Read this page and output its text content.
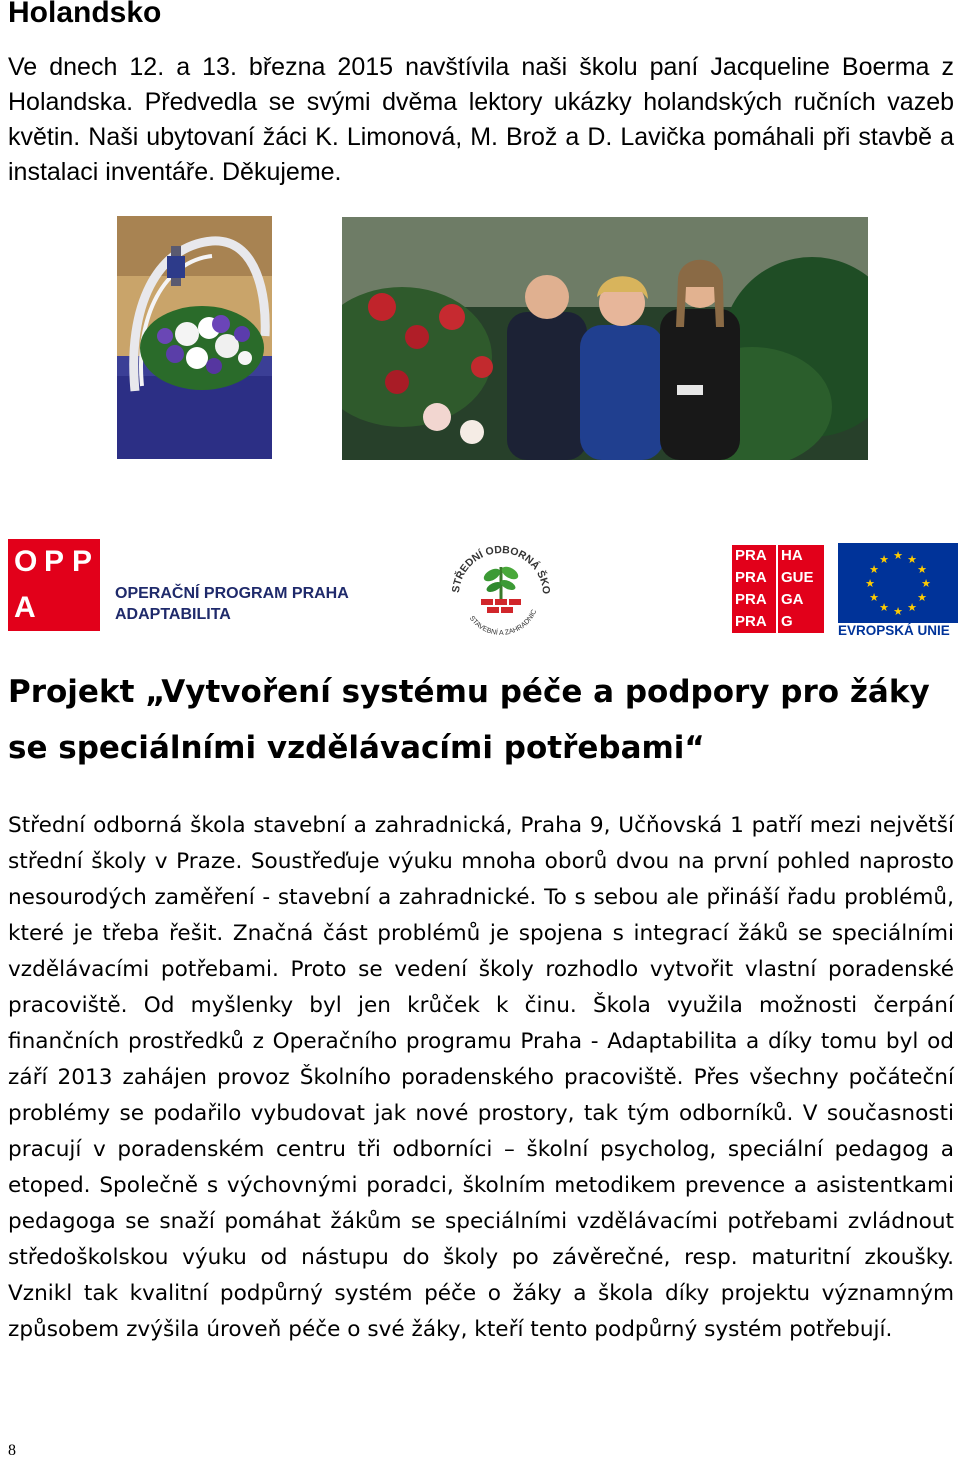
Holandsko

Ve dnech 12. a 13. března 2015 navštívila naši školu paní Jacqueline Boerma z Holandska. Předvedla se svými dvěma lektory ukázky holandských ručních vazeb květin. Naši ubytovaní žáci K. Limonová, M. Brož a D. Lavička pomáhali při stavbě a instalaci inventáře. Děkujeme.

O P P
A	OPERAČNÍ PROGRAM PRAHA
ADAPTABILITA
STŘEDNÍ ODBORNÁ ŠKO
STAVEBNÍ A ZAHRADNIC
PRA
PRA
PRA
PRA
HA
GUE
GA
G
★ ★
★
★
★
★
★
★
★
★
★
★
EVROPSKÁ UNIE
Projekt „Vytvoření systému péče a podpory pro žáky se speciálními vzdělávacími potřebami“

Střední odborná škola stavební a zahradnická, Praha 9, Učňovská 1 patří mezi největší střední školy v Praze. Soustřeďuje výuku mnoha oborů dvou na první pohled naprosto nesourodých zaměření - stavební a zahradnické. To s sebou ale přináší řadu problémů, které je třeba řešit. Značná část problémů je spojena s integrací žáků se speciálními vzdělávacími potřebami. Proto se vedení školy rozhodlo vytvořit vlastní poradenské pracoviště. Od myšlenky byl jen krůček k činu. Škola využila možnosti čerpání finančních prostředků z Operačního programu Praha - Adaptabilita a díky tomu byl od září 2013 zahájen provoz Školního poradenského pracoviště. Přes všechny počáteční problémy se podařilo vybudovat jak nové prostory, tak tým odborníků. V současnosti pracují v poradenském centru tři odborníci – školní psycholog, speciální pedagog a etoped. Společně s výchovnými poradci, školním metodikem prevence a asistentkami pedagoga se snaží pomáhat žákům se speciálními vzdělávacími potřebami zvládnout středoškolskou výuku od nástupu do školy po závěrečné, resp. maturitní zkoušky. Vznikl tak kvalitní podpůrný systém péče o žáky a škola díky projektu významným způsobem zvýšila úroveň péče o své žáky, kteří tento podpůrný systém potřebují.

8
